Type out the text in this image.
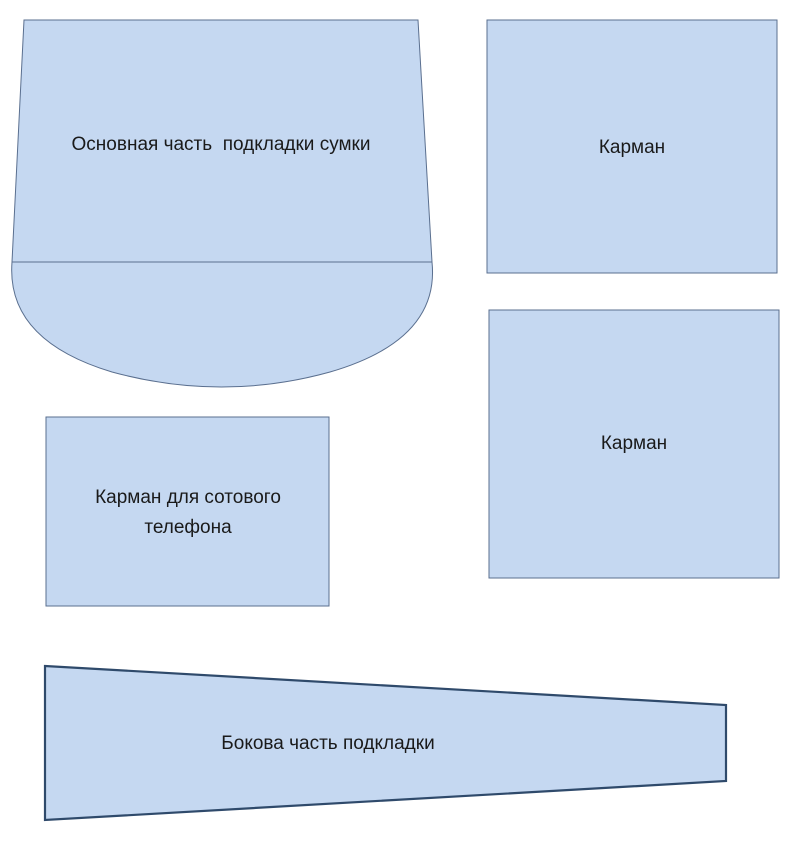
Основная часть  подкладки сумки	Карман
Карман
Карман для сотового
телефона
Бокова часть подкладки
